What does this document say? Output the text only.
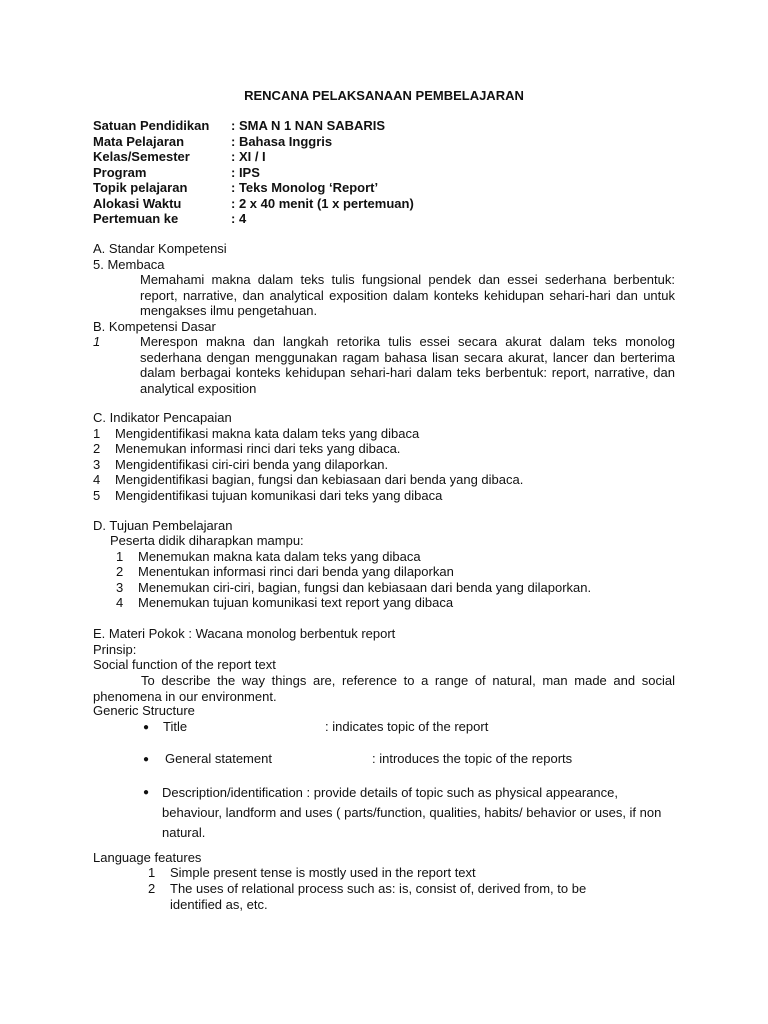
RENCANA PELAKSANAAN PEMBELAJARAN
Satuan Pendidikan : SMA N 1 NAN SABARIS
Mata Pelajaran	: Bahasa Inggris
Kelas/Semester	: XI / I
Program	: IPS
Topik pelajaran	: Teks Monolog ‘Report’
Alokasi Waktu	: 2 x 40 menit (1 x pertemuan)
Pertemuan ke	: 4
A. Standar Kompetensi
5. Membaca
Memahami makna dalam teks tulis fungsional pendek dan essei sederhana berbentuk: report, narrative, dan analytical exposition dalam konteks kehidupan sehari-hari dan untuk mengakses ilmu pengetahuan.
B. Kompetensi Dasar
1	Merespon makna dan langkah retorika tulis essei secara akurat dalam teks monolog sederhana dengan menggunakan ragam bahasa lisan secara akurat, lancer dan berterima dalam berbagai konteks kehidupan sehari-hari dalam teks berbentuk: report, narrative, dan analytical exposition
C. Indikator Pencapaian
1 Mengidentifikasi makna kata dalam teks yang dibaca
2 Menemukan informasi rinci dari teks yang dibaca.
3 Mengidentifikasi ciri-ciri benda yang dilaporkan.
4 Mengidentifikasi bagian, fungsi dan kebiasaan dari benda yang dibaca.
5 Mengidentifikasi tujuan komunikasi dari teks yang dibaca
D. Tujuan Pembelajaran
Peserta didik diharapkan mampu:
1 Menemukan makna kata dalam teks yang dibaca
2 Menentukan informasi rinci dari benda yang dilaporkan
3 Menemukan ciri-ciri, bagian, fungsi dan kebiasaan dari benda yang dilaporkan.
4 Menemukan tujuan komunikasi text report yang dibaca
E. Materi Pokok : Wacana monolog berbentuk report
Prinsip:
Social function of the report text
To describe the way things are, reference to a range of natural, man made and social phenomena in our environment.
Generic Structure
● Title	: indicates topic of the report
● General statement	: introduces the topic of the reports
● Description/identification : provide details of topic such as physical appearance, behaviour, landform and uses ( parts/function, qualities, habits/ behavior or uses, if non natural.
Language features
1 Simple present tense is mostly used in the report text
2 The uses of relational process such as: is, consist of, derived from, to be identified as, etc.
